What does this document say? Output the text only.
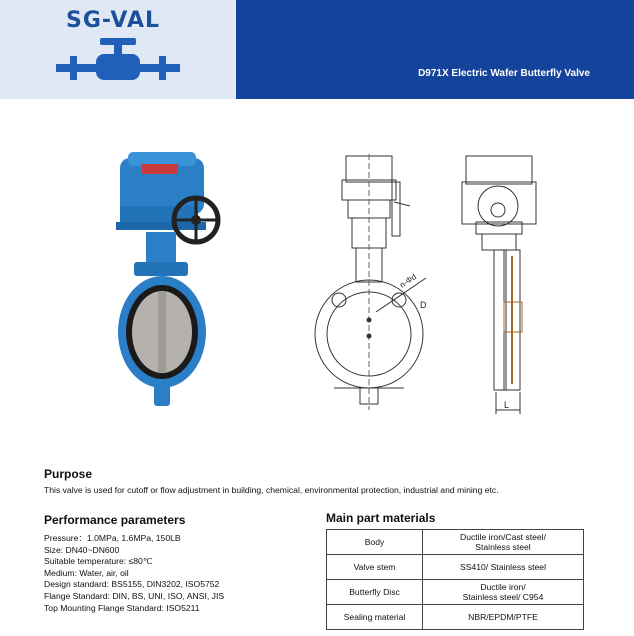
SG-VAL
D971X Electric Wafer Butterfly Valve
n-Φd
D
L
Purpose
This valve is used for cutoff or flow adjustment in building, chemical, environmental protection, industrial and mining etc.
Performance parameters
Pressure：1.0MPa, 1.6MPa, 150LB
Size: DN40~DN600
Suitable temperature: ≤80℃
Medium: Water, air, oil
Design standard: BS5155, DIN3202, ISO5752
Flange Standard: DIN, BS, UNI, ISO, ANSI, JIS
Top Mounting Flange Standard: ISO5211
Main part materials
Body	Ductile iron/Cast steel/
Stainless steel
Valve stem	SS410/ Stainless steel
Butterfly Disc	Ductile iron/
Stainless steel/ C954
Sealing material	NBR/EPDM/PTFE
